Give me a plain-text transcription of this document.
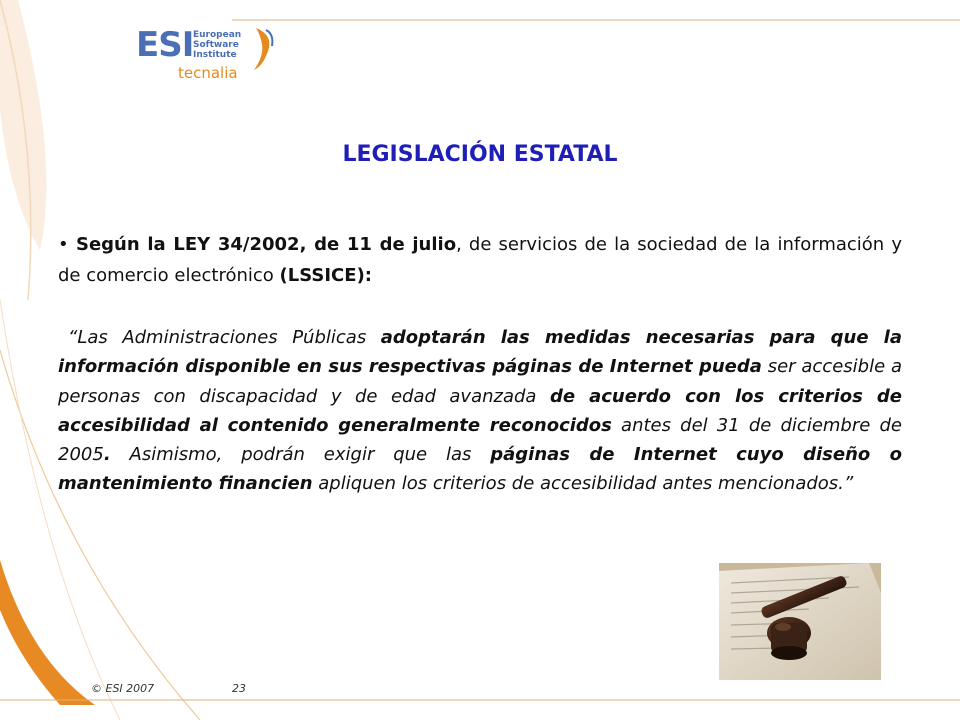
ESI European
Software
Institute
tecnalia
LEGISLACIÓN ESTATAL
• Según la LEY 34/2002, de 11 de julio, de servicios de la sociedad de la información y de comercio electrónico (LSSICE):
“Las Administraciones Públicas adoptarán las medidas necesarias para que la información disponible en sus respectivas páginas de Internet pueda ser accesible a personas con discapacidad y de edad avanzada de acuerdo con los criterios de accesibilidad al contenido generalmente reconocidos antes del 31 de diciembre de 2005. Asimismo, podrán exigir que las páginas de Internet cuyo diseño o mantenimiento financien apliquen los criterios de accesibilidad antes mencionados.”
© ESI 2007	23
